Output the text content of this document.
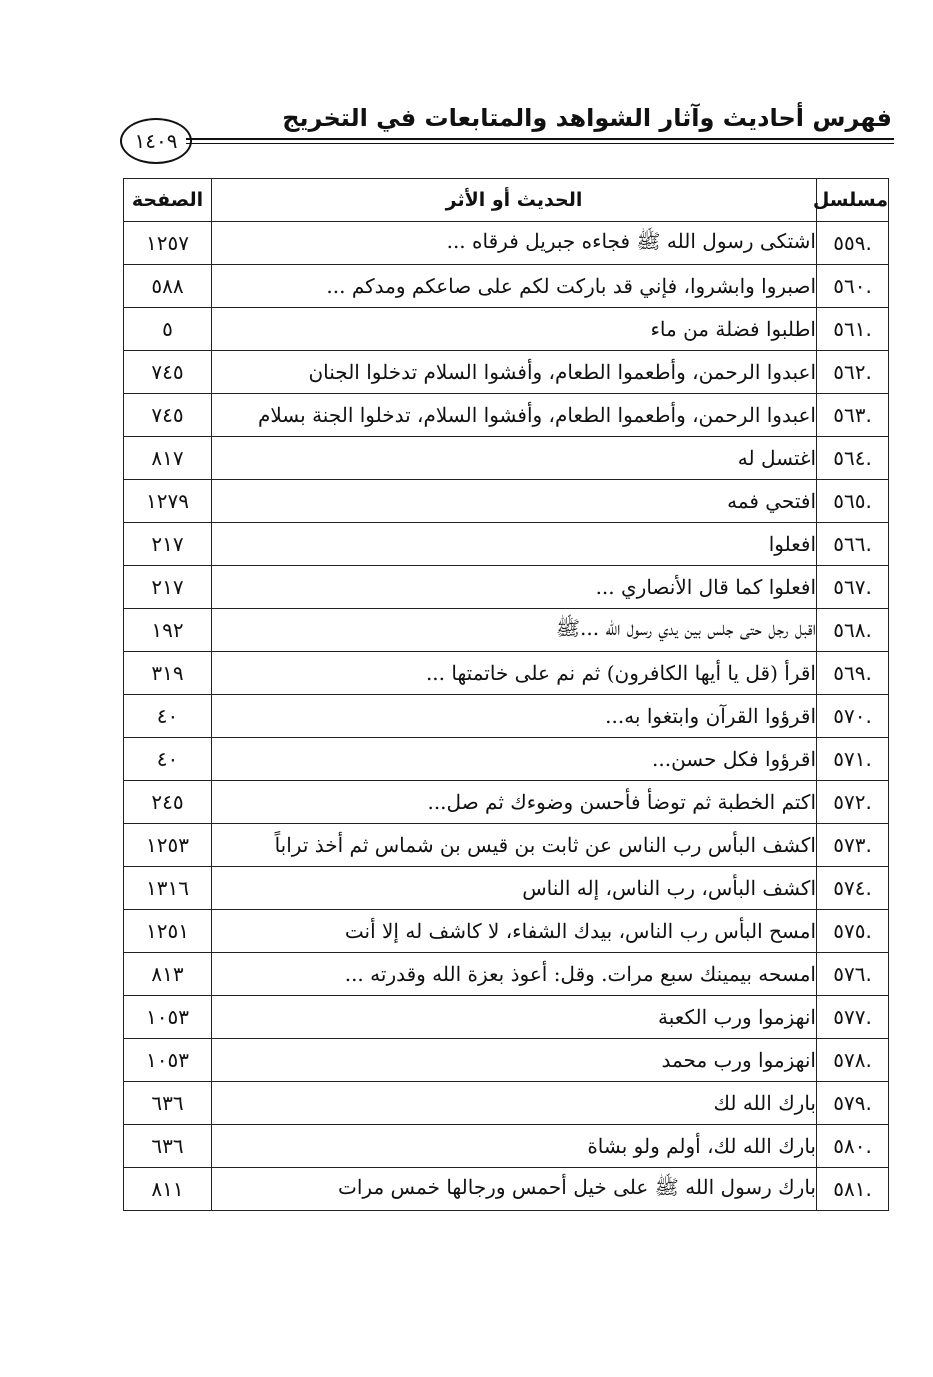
فهرس أحاديث وآثار الشواهد والمتابعات في التخريج
١٤٠٩
مسلسل	الحديث أو الأثر	الصفحة
.٥٥٩	اشتكى رسول الله ﷺ فجاءه جبريل فرقاه ...	١٢٥٧
.٥٦٠	اصبروا وابشروا، فإني قد باركت لكم على صاعكم ومدكم ...	٥٨٨
.٥٦١	اطلبوا فضلة من ماء	٥
.٥٦٢	اعبدوا الرحمن، وأطعموا الطعام، وأفشوا السلام تدخلوا الجنان	٧٤٥
.٥٦٣	اعبدوا الرحمن، وأطعموا الطعام، وأفشوا السلام، تدخلوا الجنة بسلام	٧٤٥
.٥٦٤	اغتسل له	٨١٧
.٥٦٥	افتحي فمه	١٢٧٩
.٥٦٦	افعلوا	٢١٧
.٥٦٧	افعلوا كما قال الأنصاري ...	٢١٧
.٥٦٨	اقبل رجل حتى جلس بين يدي رسول الله ...ﷺ	١٩٢
.٥٦٩	اقرأ (قل يا أيها الكافرون) ثم نم على خاتمتها ...	٣١٩
.٥٧٠	اقرؤوا القرآن وابتغوا به...	٤٠
.٥٧١	اقرؤوا فكل حسن...	٤٠
.٥٧٢	اكتم الخطبة ثم توضأ فأحسن وضوءك ثم صل...	٢٤٥
.٥٧٣	اكشف البأس رب الناس عن ثابت بن قيس بن شماس ثم أخذ تراباً	١٢٥٣
.٥٧٤	اكشف البأس، رب الناس، إله الناس	١٣١٦
.٥٧٥	امسح البأس رب الناس، بيدك الشفاء، لا كاشف له إلا أنت	١٢٥١
.٥٧٦	امسحه بيمينك سبع مرات. وقل: أعوذ بعزة الله وقدرته ...	٨١٣
.٥٧٧	انهزموا ورب الكعبة	١٠٥٣
.٥٧٨	انهزموا ورب محمد	١٠٥٣
.٥٧٩	بارك الله لك	٦٣٦
.٥٨٠	بارك الله لك، أولم ولو بشاة	٦٣٦
.٥٨١	بارك رسول الله ﷺ على خيل أحمس ورجالها خمس مرات	٨١١
